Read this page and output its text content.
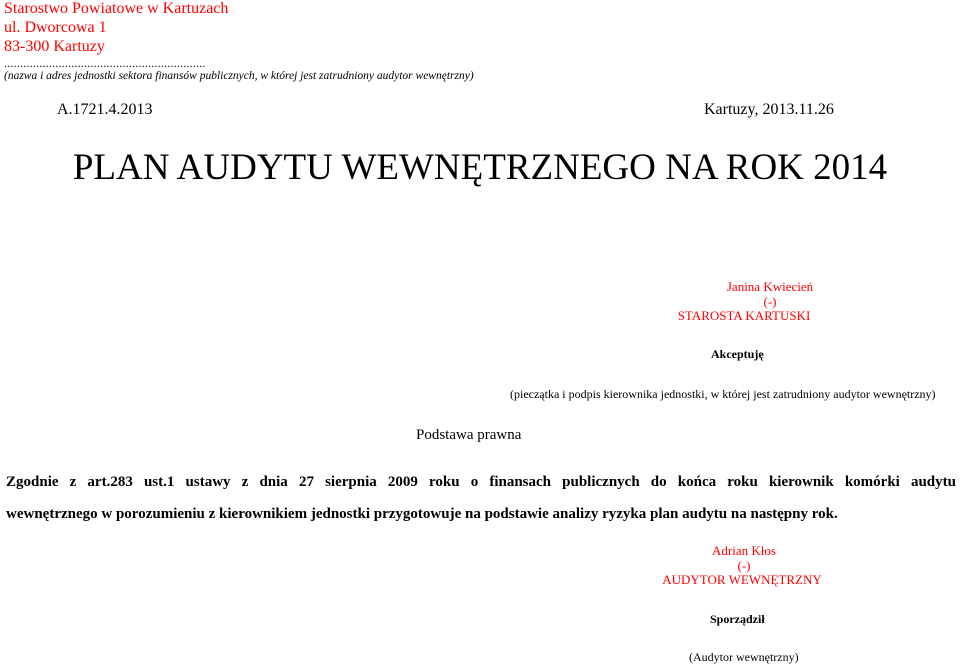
Starostwo Powiatowe w Kartuzach
ul. Dworcowa 1
83-300 Kartuzy
...............................................................
(nazwa i adres jednostki sektora finansów publicznych, w której jest zatrudniony audytor wewnętrzny)
A.1721.4.2013	Kartuzy, 2013.11.26
PLAN AUDYTU WEWNĘTRZNEGO NA ROK 2014
Janina Kwiecień
(-)
STAROSTA KARTUSKI
Akceptuję
(pieczątka i podpis kierownika jednostki, w której jest zatrudniony audytor wewnętrzny)
Podstawa prawna

Zgodnie z art.283 ust.1 ustawy z dnia 27 sierpnia 2009 roku o finansach publicznych do końca roku kierownik komórki audytu

wewnętrznego w porozumieniu z kierownikiem jednostki przygotowuje na podstawie analizy ryzyka plan audytu na następny rok.

Adrian Kłos
(-)
AUDYTOR WEWNĘTRZNY
Sporządził
(Audytor wewnętrzny)
